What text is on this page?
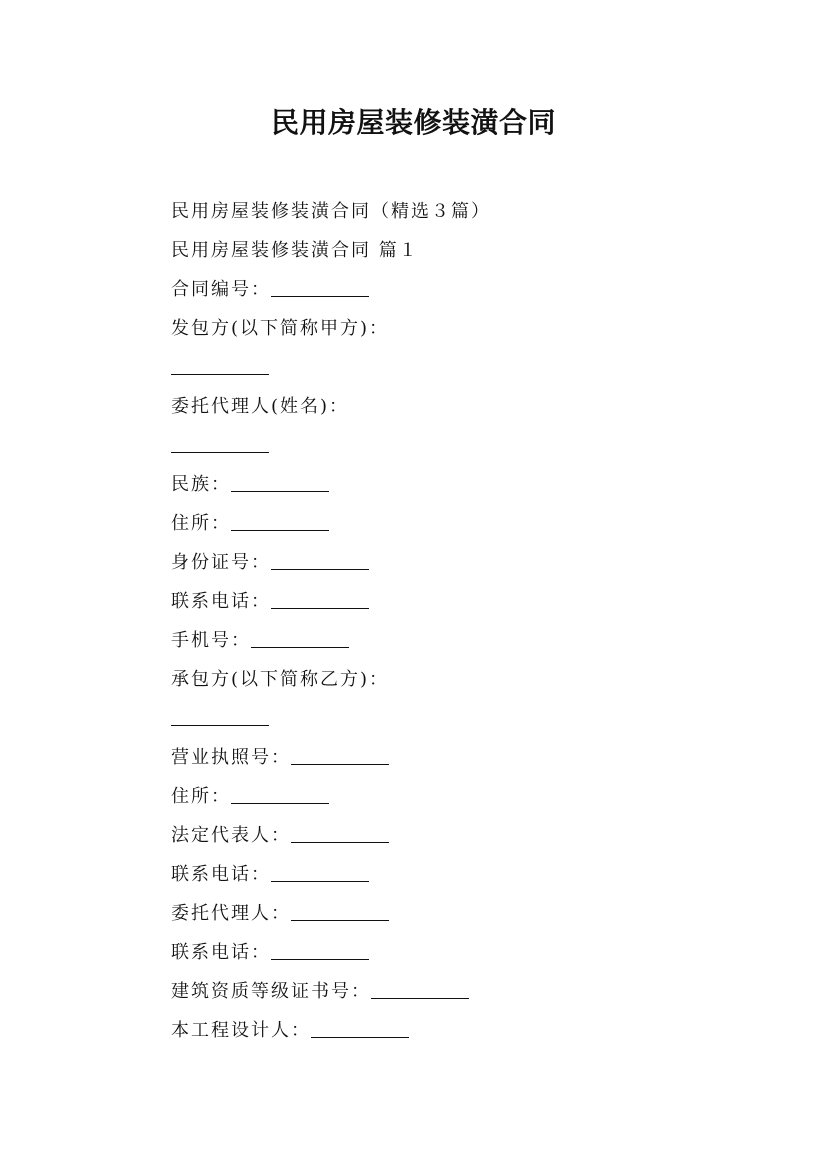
民用房屋装修装潢合同
民用房屋装修装潢合同（精选３篇）
民用房屋装修装潢合同 篇１
合同编号：
发包方(以下简称甲方)：
委托代理人(姓名)：
民族：
住所：
身份证号：
联系电话：
手机号：
承包方(以下简称乙方)：
营业执照号：
住所：
法定代表人：
联系电话：
委托代理人：
联系电话：
建筑资质等级证书号：
本工程设计人：
